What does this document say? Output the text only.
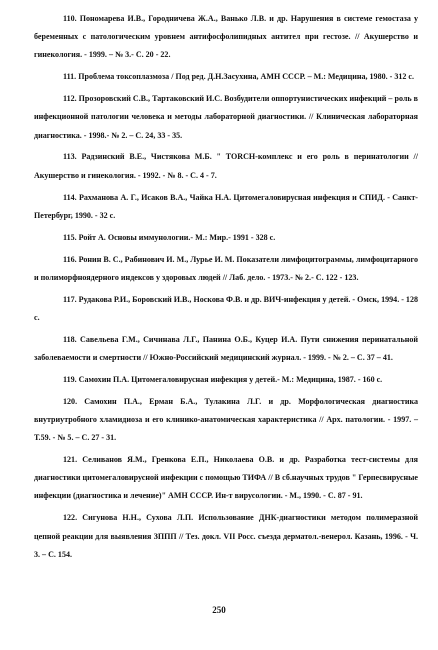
110. Пономарева И.В., Городничева Ж.А., Ванько Л.В. и др. Нарушения в системе гемостаза у беременных с патологическим уровнем антифосфолипидных антител при гестозе. // Акушерство и гинекология. - 1999. – № 3.- С. 20 - 22.

111. Проблема токсоплазмоза / Под ред. Д.Н.Засухина, АМН СССР. – М.: Медицина, 1980. - 312 с.

112. Прозоровский С.В., Тартаковский И.С. Возбудители оппортунистических инфекций – роль в инфекционной патологии человека и методы лабораторной диагностики. // Клиническая лабораторная диагностика. - 1998.- № 2. – С. 24, 33 - 35.

113. Радзинский В.Е., Чистякова М.Б. " TORCH-комплекс и его роль в перинатологии // Акушерство и гинекология. - 1992. - № 8. - С. 4 - 7.

114. Рахманова А. Г., Исаков В.А., Чайка Н.А. Цитомегаловирусная инфекция и СПИД. - Санкт-Петербург, 1990. - 32 с.

115. Ройт А. Основы иммунологии.- М.: Мир.- 1991 - 328 с.

116. Ронин В. С., Рабинович И. М., Лурье И. М. Показатели лимфоцитограммы, лимфоцитарного и полиморфноядерного индексов у здоровых людей // Лаб. дело. - 1973.- № 2.- С. 122 - 123.

117. Рудакова Р.И., Боровский И.В., Носкова Ф.В. и др. ВИЧ-инфекция у детей. - Омск, 1994. - 128 с.

118. Савельева Г.М., Сичинава Л.Г., Панина О.Б., Куцер И.А. Пути снижения перинатальной заболеваемости и смертности // Южно-Российский медицинский журнал. - 1999. - № 2. – С. 37 – 41.

119. Самохин П.А. Цитомегаловирусная инфекция у детей.- М.: Медицина, 1987. - 160 с.

120. Самохин П.А., Ерман Б.А., Тулакина Л.Г. и др. Морфологическая диагностика внутриутробного хламидиоза и его клинико-анатомическая характеристика // Арх. патологии. - 1997. – Т.59. - № 5. – С. 27 - 31.

121. Селиванов Я.М., Гренкова Е.П., Николаева О.В. и др. Разработка тест-системы для диагностики цитомегаловирусной инфекции с помощью ТИФА // В сб.научных трудов " Герпесвирусные инфекции (диагностика и лечение)" АМН СССР. Ин-т вирусологии. - М., 1990. - С. 87 - 91.

122. Сигунова Н.Н., Сухова Л.П. Использование ДНК-диагностики методом полимеразной цепной реакции для выявления ЗППП // Тез. докл. VII Росс. съезда дерматол.-венерол. Казань, 1996. - Ч. 3. – С. 154.

250
